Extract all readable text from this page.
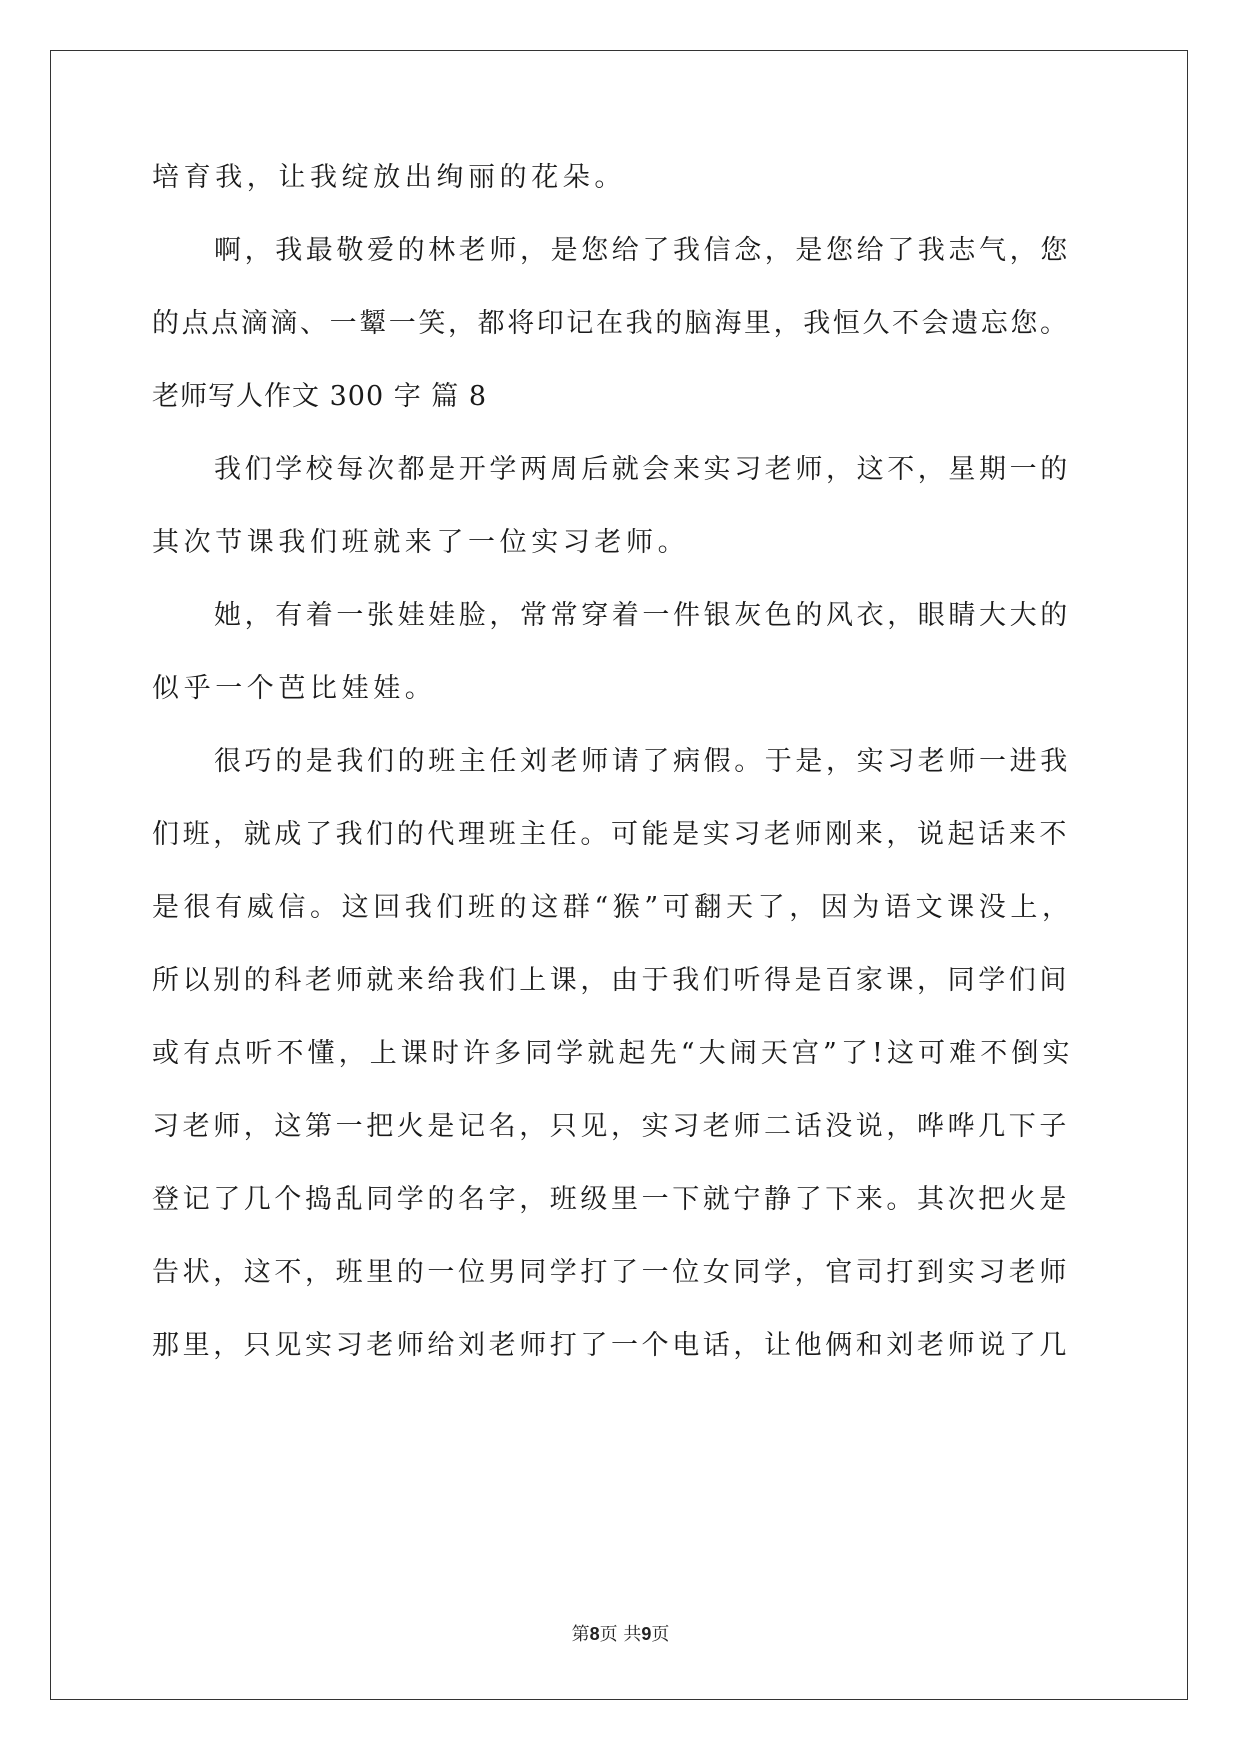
培育我，让我绽放出绚丽的花朵。
啊，我最敬爱的林老师，是您给了我信念，是您给了我志气，您
的点点滴滴、一颦一笑，都将印记在我的脑海里，我恒久不会遗忘您。
老师写人作文 300 字 篇 8
我们学校每次都是开学两周后就会来实习老师，这不，星期一的
其次节课我们班就来了一位实习老师。
她，有着一张娃娃脸，常常穿着一件银灰色的风衣，眼睛大大的
似乎一个芭比娃娃。
很巧的是我们的班主任刘老师请了病假。于是，实习老师一进我
们班，就成了我们的代理班主任。可能是实习老师刚来，说起话来不
是很有威信。这回我们班的这群“猴”可翻天了，因为语文课没上，
所以别的科老师就来给我们上课，由于我们听得是百家课，同学们间
或有点听不懂，上课时许多同学就起先“大闹天宫”了!这可难不倒实
习老师，这第一把火是记名，只见，实习老师二话没说，哗哗几下子
登记了几个捣乱同学的名字，班级里一下就宁静了下来。其次把火是
告状，这不，班里的一位男同学打了一位女同学，官司打到实习老师
那里，只见实习老师给刘老师打了一个电话，让他俩和刘老师说了几
第8页 共9页
